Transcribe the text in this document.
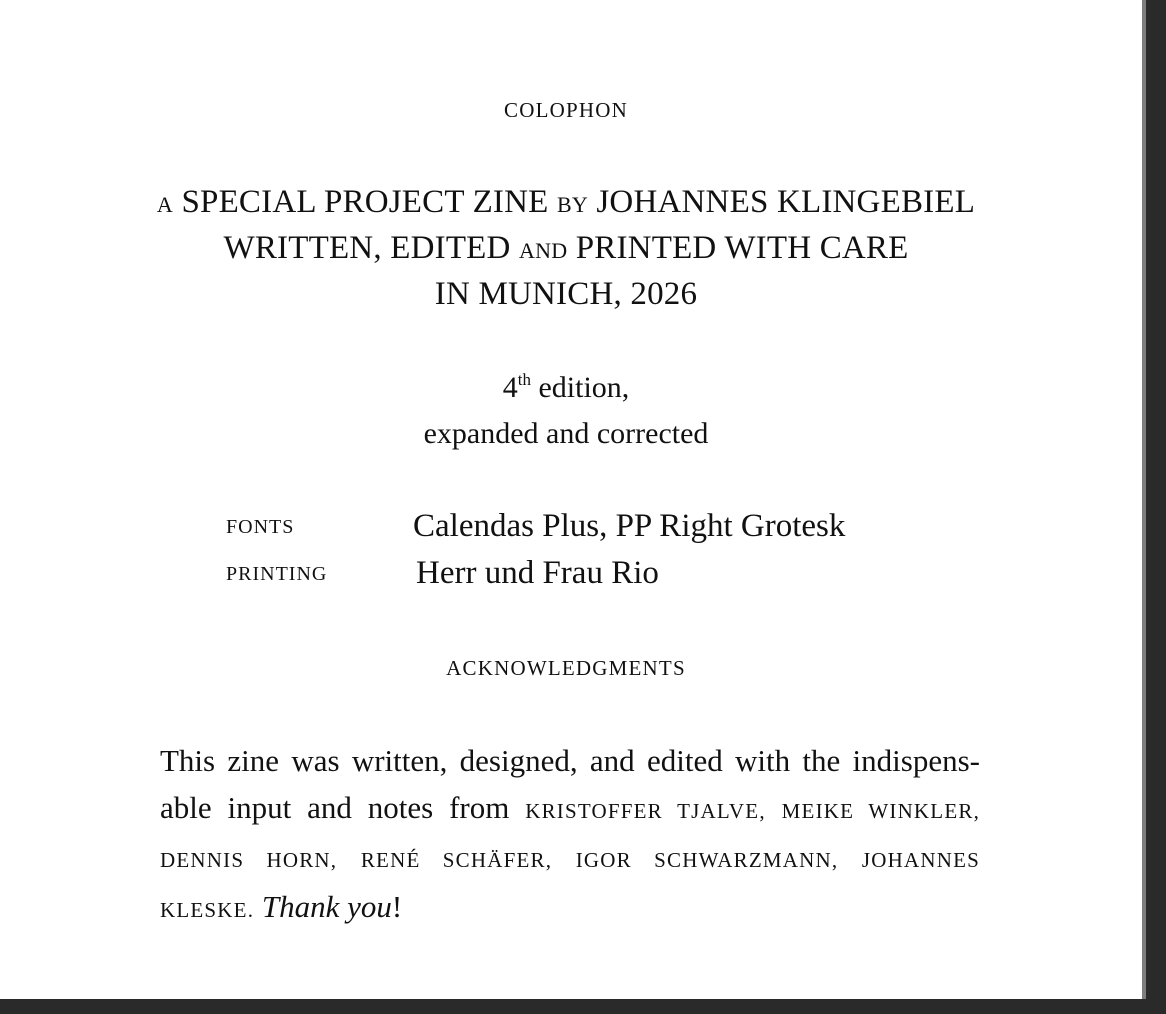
COLOPHON
A SPECIAL PROJECT ZINE BY JOHANNES KLINGEBIEL
WRITTEN, EDITED AND PRINTED WITH CARE
IN MUNICH, 2026
4th edition,
expanded and corrected
FONTS	Calendas Plus, PP Right Grotesk
PRINTING	Herr und Frau Rio
ACKNOWLEDGMENTS
This zine was written, designed, and edited with the indispens-
able input and notes from KRISTOFFER TJALVE, MEIKE WINKLER,
DENNIS HORN, RENÉ SCHÄFER, IGOR SCHWARZMANN, JOHANNES
KLESKE. Thank you!
